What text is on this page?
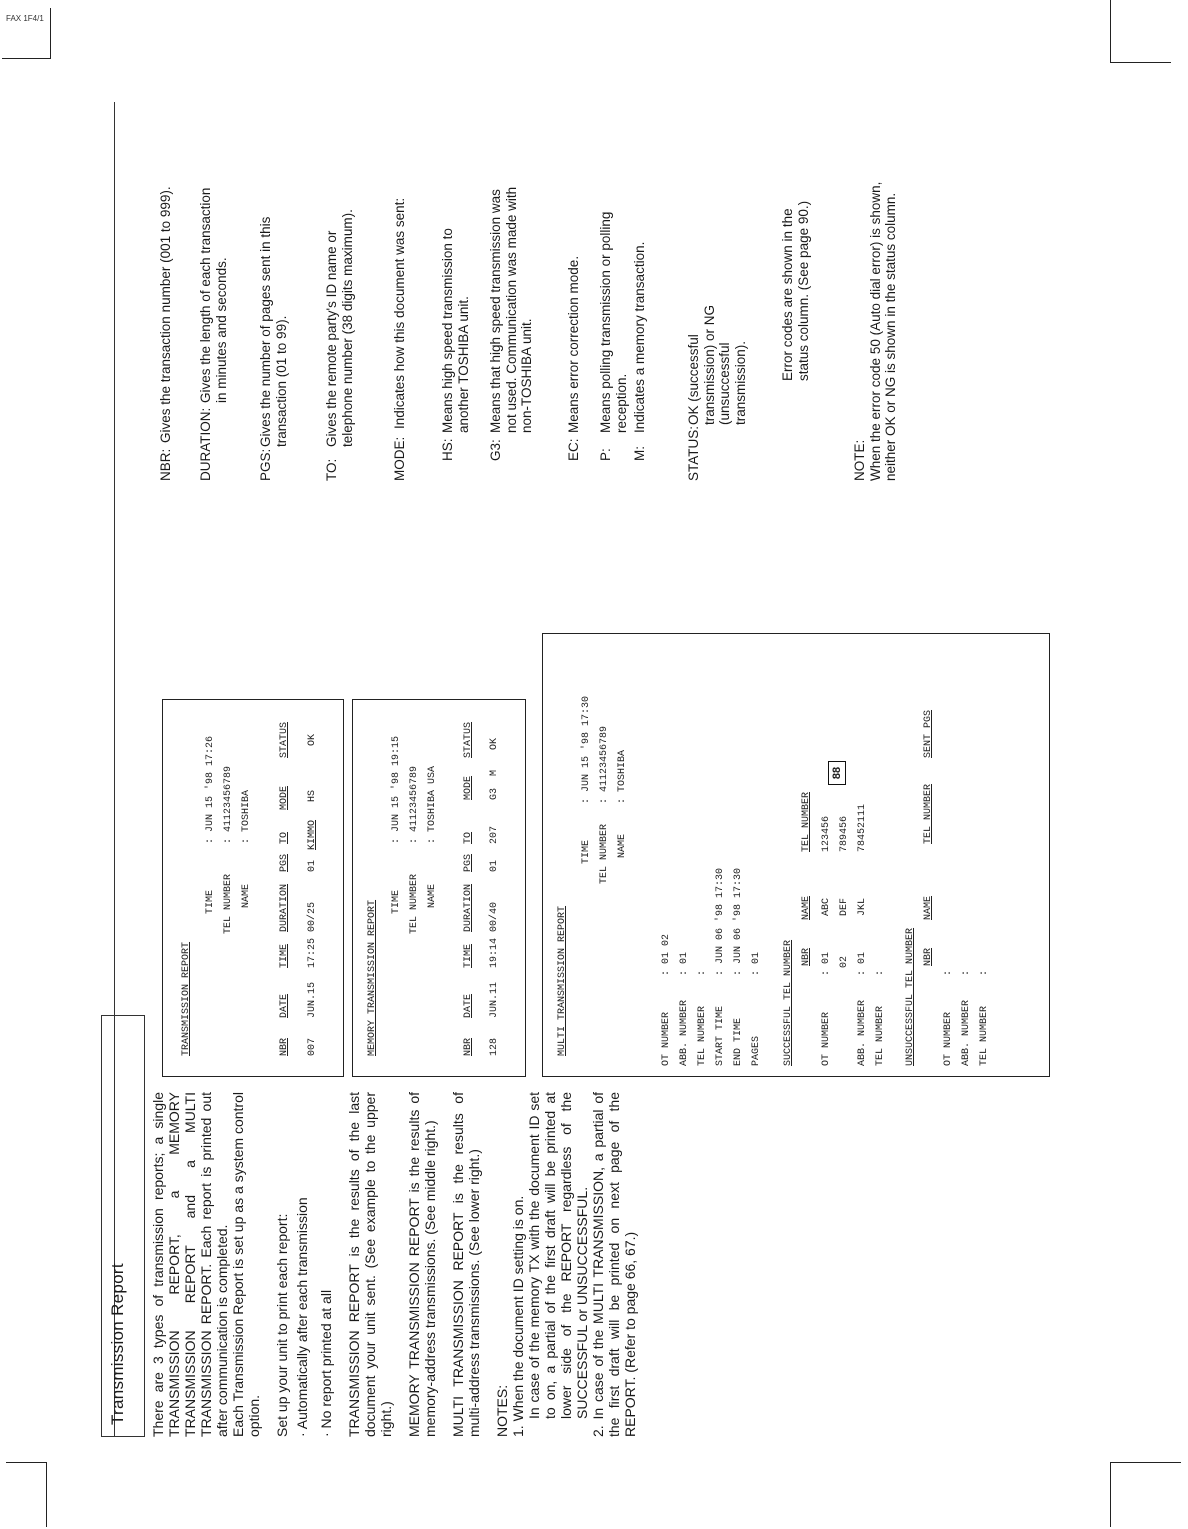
FAX 1F4/1
Transmission Report There are 3 types of transmission reports; a single TRANSMISSION REPORT, a MEMORY TRANSMISSION REPORT and a MULTI TRANSMISSION REPORT. Each report is printed out after communication is completed.
Each Transmission Report is set up as a system control option. Set up your unit to print each report: · Automatically after each transmission · No report printed at all TRANSMISSION REPORT is the results of the last document your unit sent. (See example to the upper right.) MEMORY TRANSMISSION REPORT is the results of memory-address transmissions. (See middle right.) MULTI TRANSMISSION REPORT is the results of multi-address transmissions. (See lower right.) NOTES: 1. When the document ID setting is on. In case of the memory TX with the document ID set to on, a partial of the first draft will be printed at lower side of the REPORT regardless of the SUCCESSFUL or UNSUCCESSFUL. 2. In case of the MULTI TRANSMISSION, a partial of the first draft will be printed on next page of the REPORT. (Refer to page 66, 67.)

TRANSMISSION REPORT
TIME
: JUN 15 '98 17:26
TEL NUMBER
: 41123456789
NAME
: TOSHIBA
NBR
DATE
TIME
DURATION
PGS
TO
MODE
STATUS
007
JUN.15
17:25
00/25
01
KIMMO
HS
OK
MEMORY TRANSMISSION REPORT TIME
: JUN 15 '98 19:15
TEL NUMBER
: 41123456789
NAME
: TOSHIBA USA
NBR
DATE
TIME
DURATION
PGS
TO
MODE
STATUS
128
JUN.11
19:14
00/40
01
207
G3
M
OK
MULTI TRANSMISSION REPORT
TIME
: JUN 15 '98 17:30
TEL NUMBER
: 41123456789
NAME
: TOSHIBA
OT NUMBER
: 01 02
ABB. NUMBER
: 01
TEL NUMBER
:
START TIME
: JUN 06 '98 17:30
END TIME
: JUN 06 '98 17:30
PAGES
: 01 SUCCESSFUL TEL NUMBER NBR
NAME
TEL NUMBER
OT NUMBER
: 01
ABC
123456
02
DEF
789456
ABB. NUMBER
: 01
JKL
78452111
TEL NUMBER
: UNSUCCESSFUL TEL NUMBER NBR
NAME
TEL NUMBER
SENT PGS
OT NUMBER
:
ABB. NUMBER
:
TEL NUMBER
:
88
NBR:
Gives the transaction number (001 to 999).
DURATION:
Gives the length of each transaction in minutes and seconds.
PGS:
Gives the number of pages sent in this transaction (01 to 99).
TO:
Gives the remote party's ID name or telephone number (38 digits maximum).
MODE:
Indicates how this document was sent:
HS:
Means high speed transmission to another TOSHIBA unit.
G3:
Means that high speed transmission was not used. Communication was made with non-TOSHIBA unit.
EC:
Means error correction mode.
P:
Means polling transmission or polling reception.
M:
Indicates a memory transaction.
STATUS:
OK (successful transmission) or NG (unsuccessful transmission).
Error codes are shown in the status column. (See page 90.)
NOTE: When the error code 50 (Auto dial error) is shown, neither OK or NG is shown in the status column.
